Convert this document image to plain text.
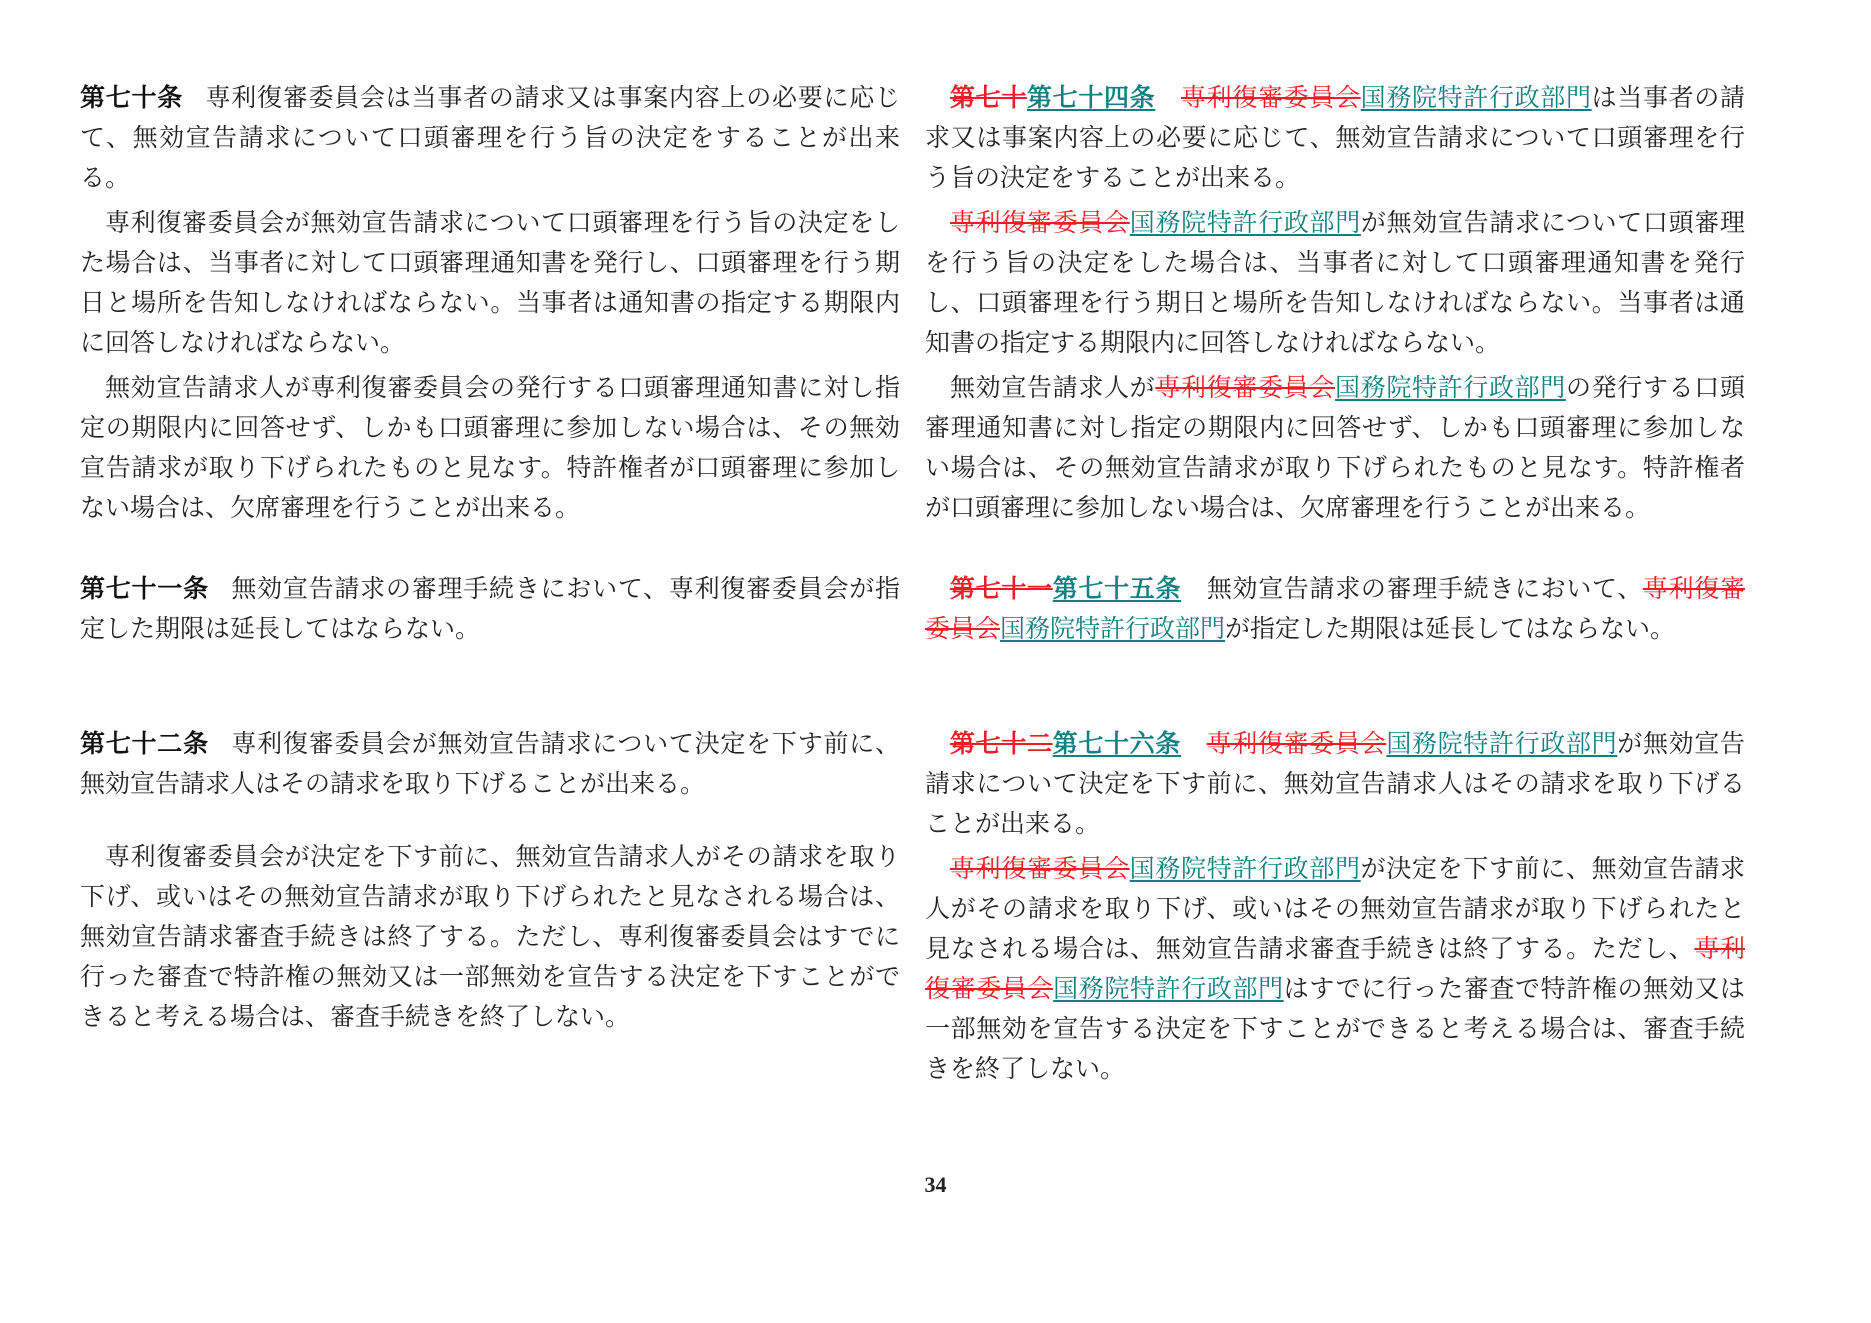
第七十条 専利復審委員会は当事者の請求又は事案内容上の必要に応じて、無効宣告請求について口頭審理を行う旨の決定をすることが出来る。

専利復審委員会が無効宣告請求について口頭審理を行う旨の決定をした場合は、当事者に対して口頭審理通知書を発行し、口頭審理を行う期日と場所を告知しなければならない。当事者は通知書の指定する期限内に回答しなければならない。

無効宣告請求人が専利復審委員会の発行する口頭審理通知書に対し指定の期限内に回答せず、しかも口頭審理に参加しない場合は、その無効宣告請求が取り下げられたものと見なす。特許権者が口頭審理に参加しない場合は、欠席審理を行うことが出来る。

第七十一条 無効宣告請求の審理手続きにおいて、専利復審委員会が指定した期限は延長してはならない。

第七十二条 専利復審委員会が無効宣告請求について決定を下す前に、無効宣告請求人はその請求を取り下げることが出来る。

専利復審委員会が決定を下す前に、無効宣告請求人がその請求を取り下げ、或いはその無効宣告請求が取り下げられたと見なされる場合は、無効宣告請求審査手続きは終了する。ただし、専利復審委員会はすでに行った審査で特許権の無効又は一部無効を宣告する決定を下すことができると考える場合は、審査手続きを終了しない。

第七十第七十四条　 専利復審委員会国務院特許行政部門は当事者の請求又は事案内容上の必要に応じて、無効宣告請求について口頭審理を行う旨の決定をすることが出来る。

専利復審委員会国務院特許行政部門が無効宣告請求について口頭審理を行う旨の決定をした場合は、当事者に対して口頭審理通知書を発行し、口頭審理を行う期日と場所を告知しなければならない。当事者は通知書の指定する期限内に回答しなければならない。

無効宣告請求人が専利復審委員会国務院特許行政部門の発行する口頭審理通知書に対し指定の期限内に回答せず、しかも口頭審理に参加しない場合は、その無効宣告請求が取り下げられたものと見なす。特許権者が口頭審理に参加しない場合は、欠席審理を行うことが出来る。

第七十一第七十五条　 無効宣告請求の審理手続きにおいて、専利復審委員会国務院特許行政部門が指定した期限は延長してはならない。

第七十二第七十六条　 専利復審委員会国務院特許行政部門が無効宣告請求について決定を下す前に、無効宣告請求人はその請求を取り下げることが出来る。

専利復審委員会国務院特許行政部門が決定を下す前に、無効宣告請求人がその請求を取り下げ、或いはその無効宣告請求が取り下げられたと見なされる場合は、無効宣告請求審査手続きは終了する。ただし、専利復審委員会国務院特許行政部門はすでに行った審査で特許権の無効又は一部無効を宣告する決定を下すことができると考える場合は、審査手続きを終了しない。

34
